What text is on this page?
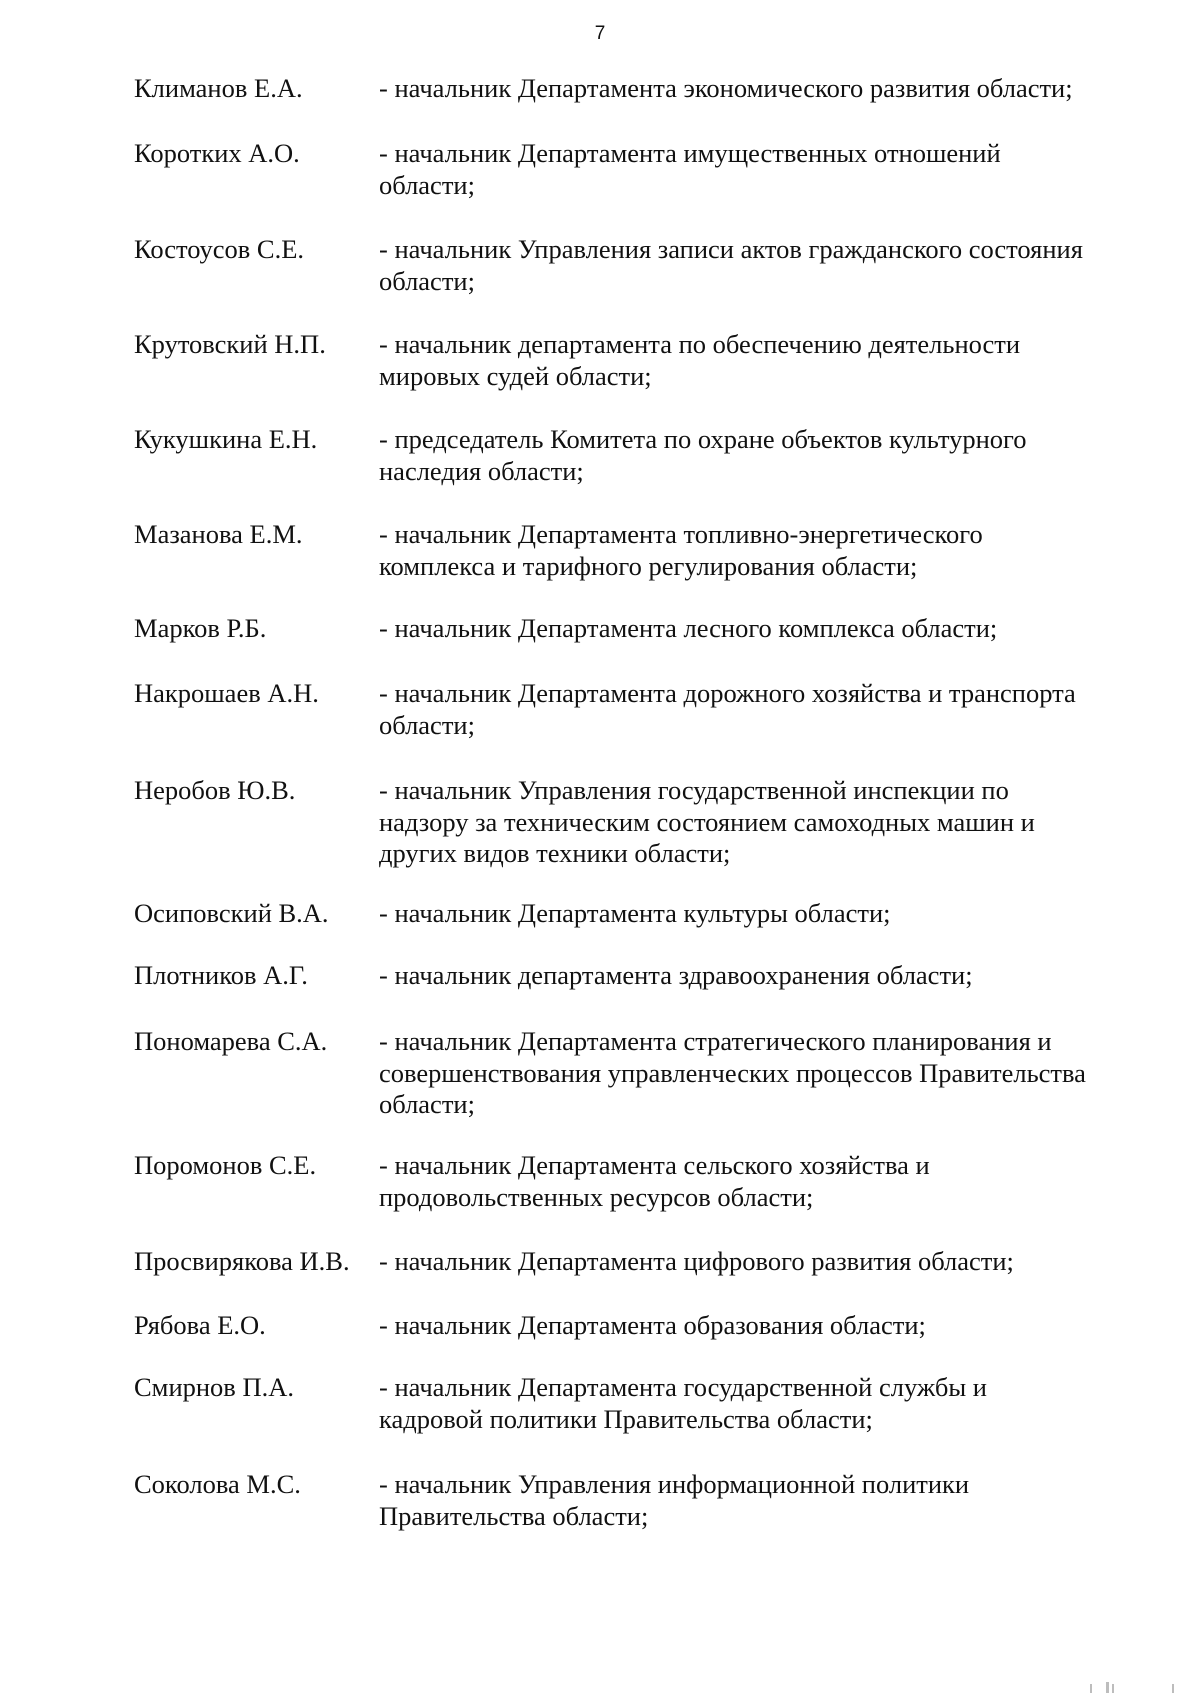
7
Климанов Е.А.	- начальник Департамента экономического развития области;
Коротких А.О.	- начальник Департамента имущественных отношений
области;
Костоусов С.Е.	- начальник Управления записи актов гражданского состояния
области;
Крутовский Н.П. - начальник департамента по обеспечению деятельности
мировых судей области;
Кукушкина Е.Н. - председатель Комитета по охране объектов культурного
наследия области;
Мазанова Е.М.	- начальник Департамента топливно-энергетического
комплекса и тарифного регулирования области;
Марков Р.Б.	- начальник Департамента лесного комплекса области;
Накрошаев А.Н. - начальник Департамента дорожного хозяйства и транспорта
области;
Неробов Ю.В.	- начальник Управления государственной инспекции по
надзору за техническим состоянием самоходных машин и
других видов техники области;
Осиповский В.А. - начальник Департамента культуры области;
Плотников А.Г.	- начальник департамента здравоохранения области;
Пономарева С.А. - начальник Департамента стратегического планирования и
совершенствования управленческих процессов Правительства
области;
Поромонов С.Е. - начальник Департамента сельского хозяйства и
продовольственных ресурсов области;
Просвирякова И.В. - начальник Департамента цифрового развития области;
Рябова Е.О.	- начальник Департамента образования области;
Смирнов П.А.	- начальник Департамента государственной службы и
кадровой политики Правительства области;
Соколова М.С.	- начальник Управления информационной политики
Правительства области;
